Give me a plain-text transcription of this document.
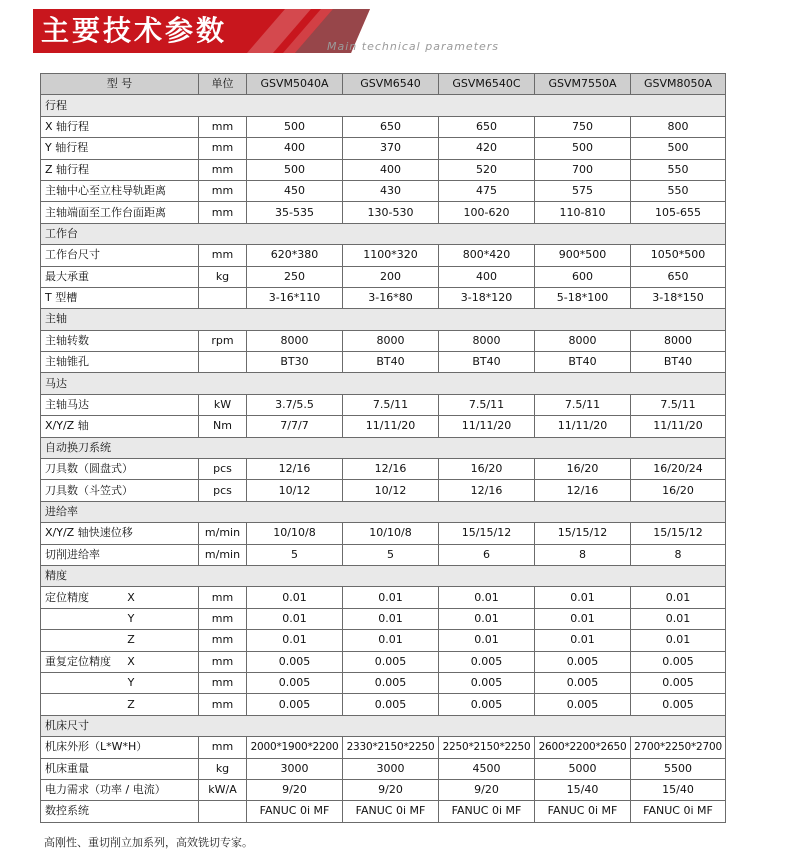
主要技术参数	Main technical parameters
型 号	单位	GSVM5040A	GSVM6540	GSVM6540C	GSVM7550A	GSVM8050A
行程						
X 轴行程	mm	500	650	650	750	800
Y 轴行程	mm	400	370	420	500	500
Z 轴行程	mm	500	400	520	700	550
主轴中心至立柱导轨距离	mm	450	430	475	575	550
主轴端面至工作台面距离	mm	35-535	130-530	100-620	110-810	105-655
工作台						
工作台尺寸	mm	620*380	1100*320	800*420	900*500	1050*500
最大承重	kg	250	200	400	600	650
T 型槽		3-16*110	3-16*80	3-18*120	5-18*100	3-18*150
主轴						
主轴转数	rpm	8000	8000	8000	8000	8000
主轴锥孔		BT30	BT40	BT40	BT40	BT40
马达						
主轴马达	kW	3.7/5.5	7.5/11	7.5/11	7.5/11	7.5/11
X/Y/Z 轴	Nm	7/7/7	11/11/20	11/11/20	11/11/20	11/11/20
自动换刀系统						
刀具数（圆盘式）	pcs	12/16	12/16	16/20	16/20	16/20/24
刀具数（斗笠式）	pcs	10/12	10/12	12/16	12/16	16/20
进给率						
X/Y/Z 轴快速位移	m/min	10/10/8	10/10/8	15/15/12	15/15/12	15/15/12
切削进给率	m/min	5	5	6	8	8
精度						
定位精度 X	mm	0.01	0.01	0.01	0.01	0.01
Y	mm	0.01	0.01	0.01	0.01	0.01
Z	mm	0.01	0.01	0.01	0.01	0.01
重复定位精度 X	mm	0.005	0.005	0.005	0.005	0.005
Y	mm	0.005	0.005	0.005	0.005	0.005
Z	mm	0.005	0.005	0.005	0.005	0.005
机床尺寸						
机床外形（L*W*H）	mm	2000*1900*2200	2330*2150*2250	2250*2150*2250	2600*2200*2650	2700*2250*2700
机床重量	kg	3000	3000	4500	5000	5500
电力需求（功率 / 电流）	kW/A	9/20	9/20	9/20	15/40	15/40
数控系统		FANUC 0i MF	FANUC 0i MF	FANUC 0i MF	FANUC 0i MF	FANUC 0i MF
高刚性、重切削立加系列，高效铣切专家。
